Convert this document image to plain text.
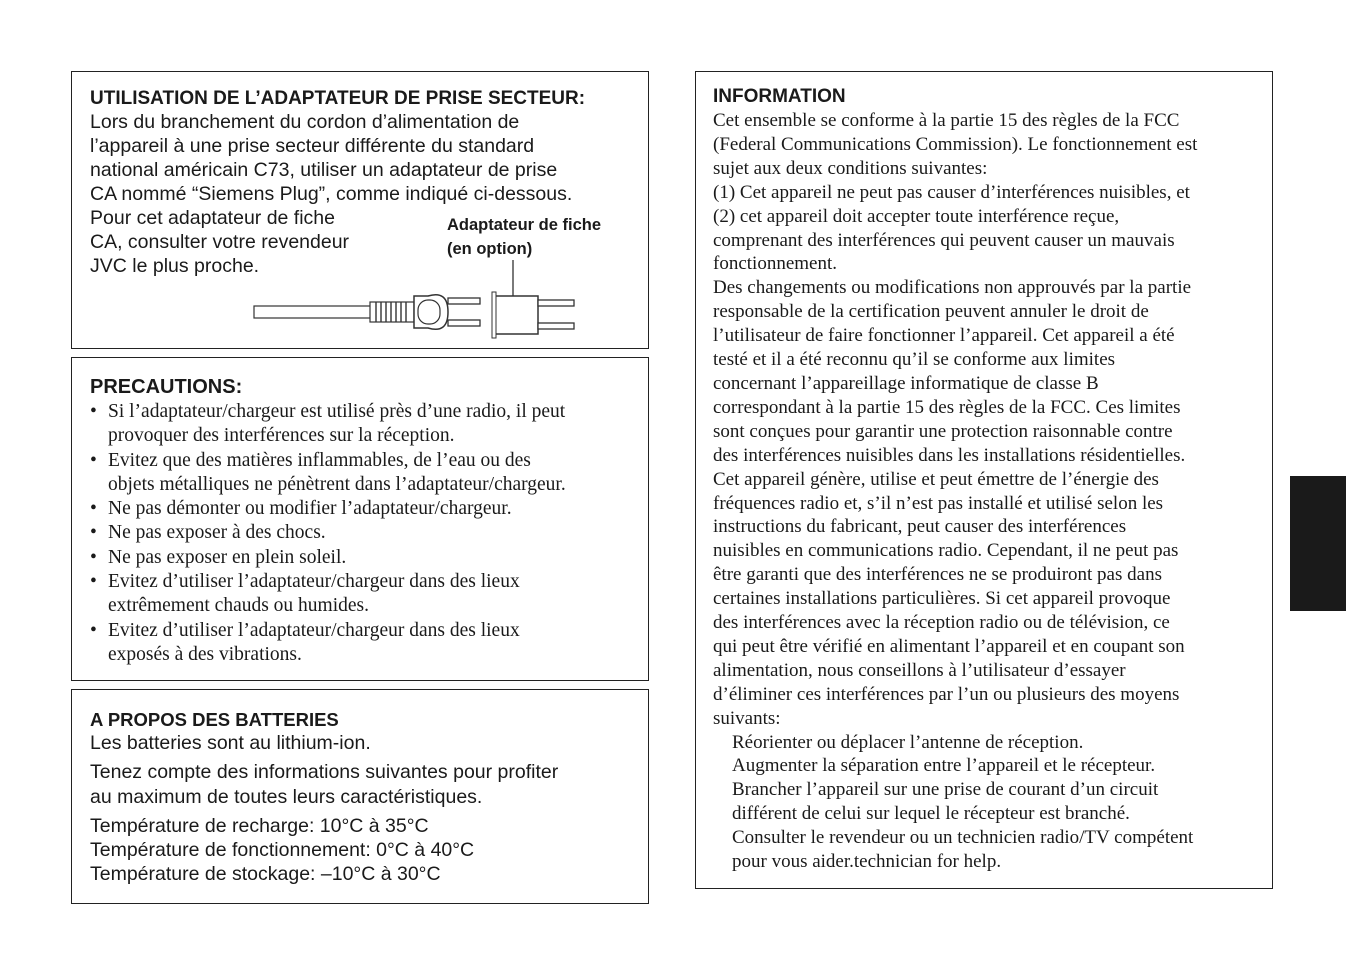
UTILISATION DE L’ADAPTATEUR DE PRISE SECTEUR:
Lors du branchement du cordon d’alimentation de
l’appareil à une prise secteur différente du standard
national américain C73, utiliser un adaptateur de prise
CA nommé “Siemens Plug”, comme indiqué ci-dessous.
Pour cet adaptateur de fiche
CA, consulter votre revendeur
JVC le plus proche.
Adaptateur de fiche
(en option)
PRECAUTIONS:
• Si l’adaptateur/chargeur est utilisé près d’une radio, il peut
provoquer des interférences sur la réception.
• Evitez que des matières inflammables, de l’eau ou des
objets métalliques ne pénètrent dans l’adaptateur/chargeur.
• Ne pas démonter ou modifier l’adaptateur/chargeur.
• Ne pas exposer à des chocs.
• Ne pas exposer en plein soleil.
• Evitez d’utiliser l’adaptateur/chargeur dans des lieux
extrêmement chauds ou humides.
• Evitez d’utiliser l’adaptateur/chargeur dans des lieux
exposés à des vibrations.
A PROPOS DES BATTERIES
Les batteries sont au lithium-ion.
Tenez compte des informations suivantes pour profiter
au maximum de toutes leurs caractéristiques.
Température de recharge: 10°C à 35°C
Température de fonctionnement: 0°C à 40°C
Température de stockage: –10°C à 30°C
INFORMATION
Cet ensemble se conforme à la partie 15 des règles de la FCC
(Federal Communications Commission). Le fonctionnement est
sujet aux deux conditions suivantes:
(1) Cet appareil ne peut pas causer d’interférences nuisibles, et
(2) cet appareil doit accepter toute interférence reçue,
comprenant des interférences qui peuvent causer un mauvais
fonctionnement.
Des changements ou modifications non approuvés par la partie
responsable de la certification peuvent annuler le droit de
l’utilisateur de faire fonctionner l’appareil. Cet appareil a été
testé et il a été reconnu qu’il se conforme aux limites
concernant l’appareillage informatique de classe B
correspondant à la partie 15 des règles de la FCC. Ces limites
sont conçues pour garantir une protection raisonnable contre
des interférences nuisibles dans les installations résidentielles.
Cet appareil génère, utilise et peut émettre de l’énergie des
fréquences radio et, s’il n’est pas installé et utilisé selon les
instructions du fabricant, peut causer des interférences
nuisibles en communications radio. Cependant, il ne peut pas
être garanti que des interférences ne se produiront pas dans
certaines installations particulières. Si cet appareil provoque
des interférences avec la réception radio ou de télévision, ce
qui peut être vérifié en alimentant l’appareil et en coupant son
alimentation, nous conseillons à l’utilisateur d’essayer
d’éliminer ces interférences par l’un ou plusieurs des moyens
suivants:
Réorienter ou déplacer l’antenne de réception.
Augmenter la séparation entre l’appareil et le récepteur.
Brancher l’appareil sur une prise de courant d’un circuit
différent de celui sur lequel le récepteur est branché.
Consulter le revendeur ou un technicien radio/TV compétent
pour vous aider.technician for help.
